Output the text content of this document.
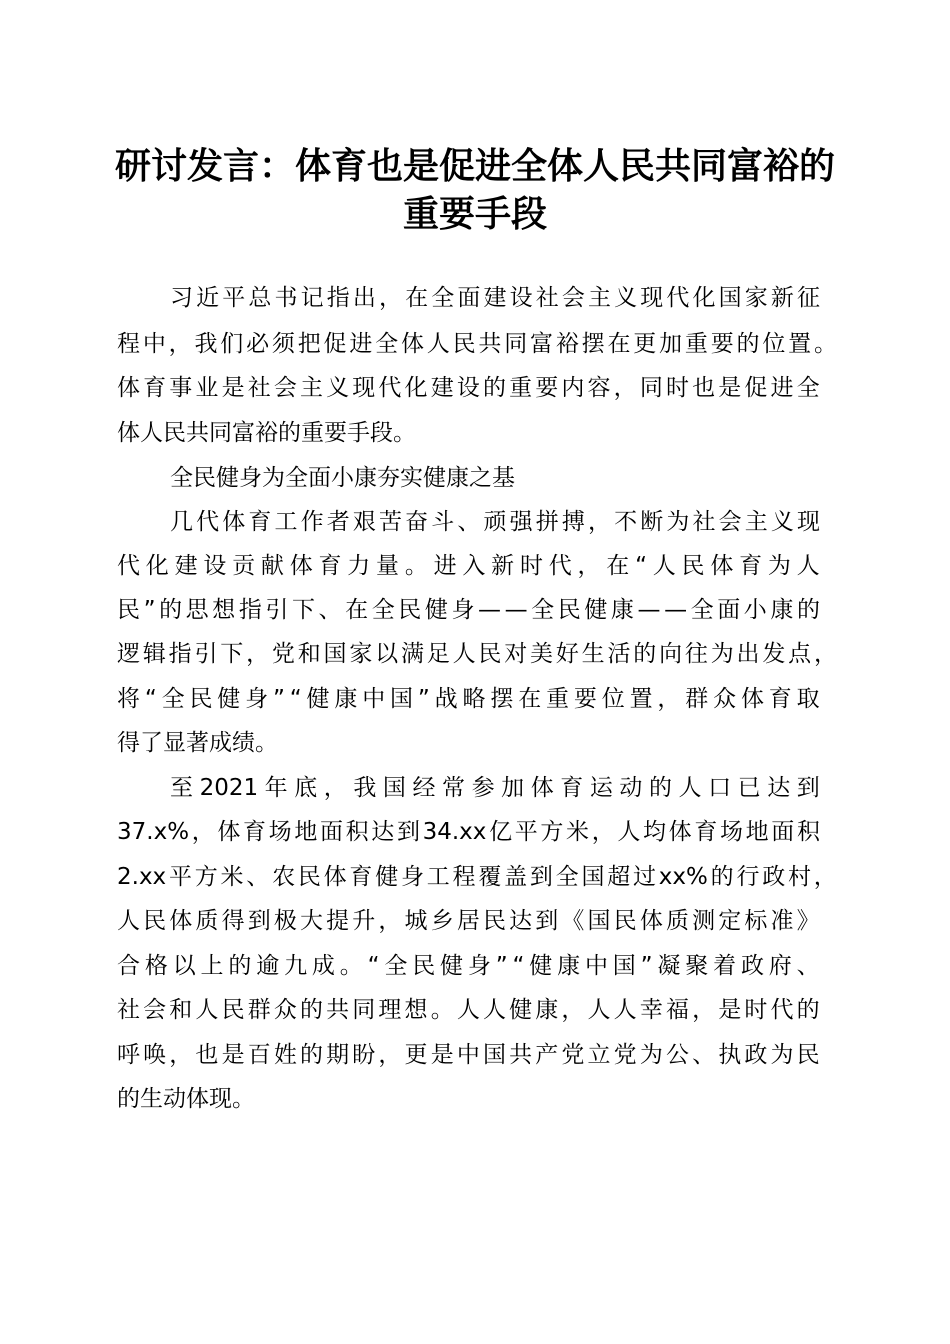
研讨发言：体育也是促进全体人民共同富裕的
重要手段

习 近 平 总 书 记 指 出 ， 在 全 面 建 设 社 会 主 义 现 代 化 国 家 新 征

程 中 ， 我 们 必 须 把 促 进 全 体 人 民 共 同 富 裕 摆 在 更 加 重 要 的 位 置 。

体 育 事 业 是 社 会 主 义 现 代 化 建 设 的 重 要 内 容 ， 同 时 也 是 促 进 全

体人民共同富裕的重要手段。

全民健身为全面小康夯实健康之基

几 代 体 育 工 作 者 艰 苦 奋 斗 、 顽 强 拼 搏 ， 不 断 为 社 会 主 义 现

代 化 建 设 贡 献 体 育 力 量 。 进 入 新 时 代 ， 在 “ 人 民 体 育 为 人

民 ” 的 思 想 指 引 下 、 在 全 民 健 身 — — 全 民 健 康 — — 全 面 小 康 的

逻 辑 指 引 下 ， 党 和 国 家 以 满 足 人 民 对 美 好 生 活 的 向 往 为 出 发 点 ，

将 “ 全 民 健 身 ” “ 健 康 中 国 ” 战 略 摆 在 重 要 位 置 ， 群 众 体 育 取

得了显著成绩。

至 2021 年 底 ， 我 国 经 常 参 加 体 育 运 动 的 人 口 已 达 到

37.x% ， 体 育 场 地 面 积 达 到 34.xx 亿 平 方 米 ， 人 均 体 育 场 地 面 积

2.xx 平 方 米 、 农 民 体 育 健 身 工 程 覆 盖 到 全 国 超 过 xx% 的 行 政 村 ，

人 民 体 质 得 到 极 大 提 升 ， 城 乡 居 民 达 到 《 国 民 体 质 测 定 标 准 》

合 格 以 上 的 逾 九 成 。 “ 全 民 健 身 ” “ 健 康 中 国 ” 凝 聚 着 政 府 、

社 会 和 人 民 群 众 的 共 同 理 想 。 人 人 健 康 ， 人 人 幸 福 ， 是 时 代 的

呼 唤 ， 也 是 百 姓 的 期 盼 ， 更 是 中 国 共 产 党 立 党 为 公 、 执 政 为 民

的生动体现。
